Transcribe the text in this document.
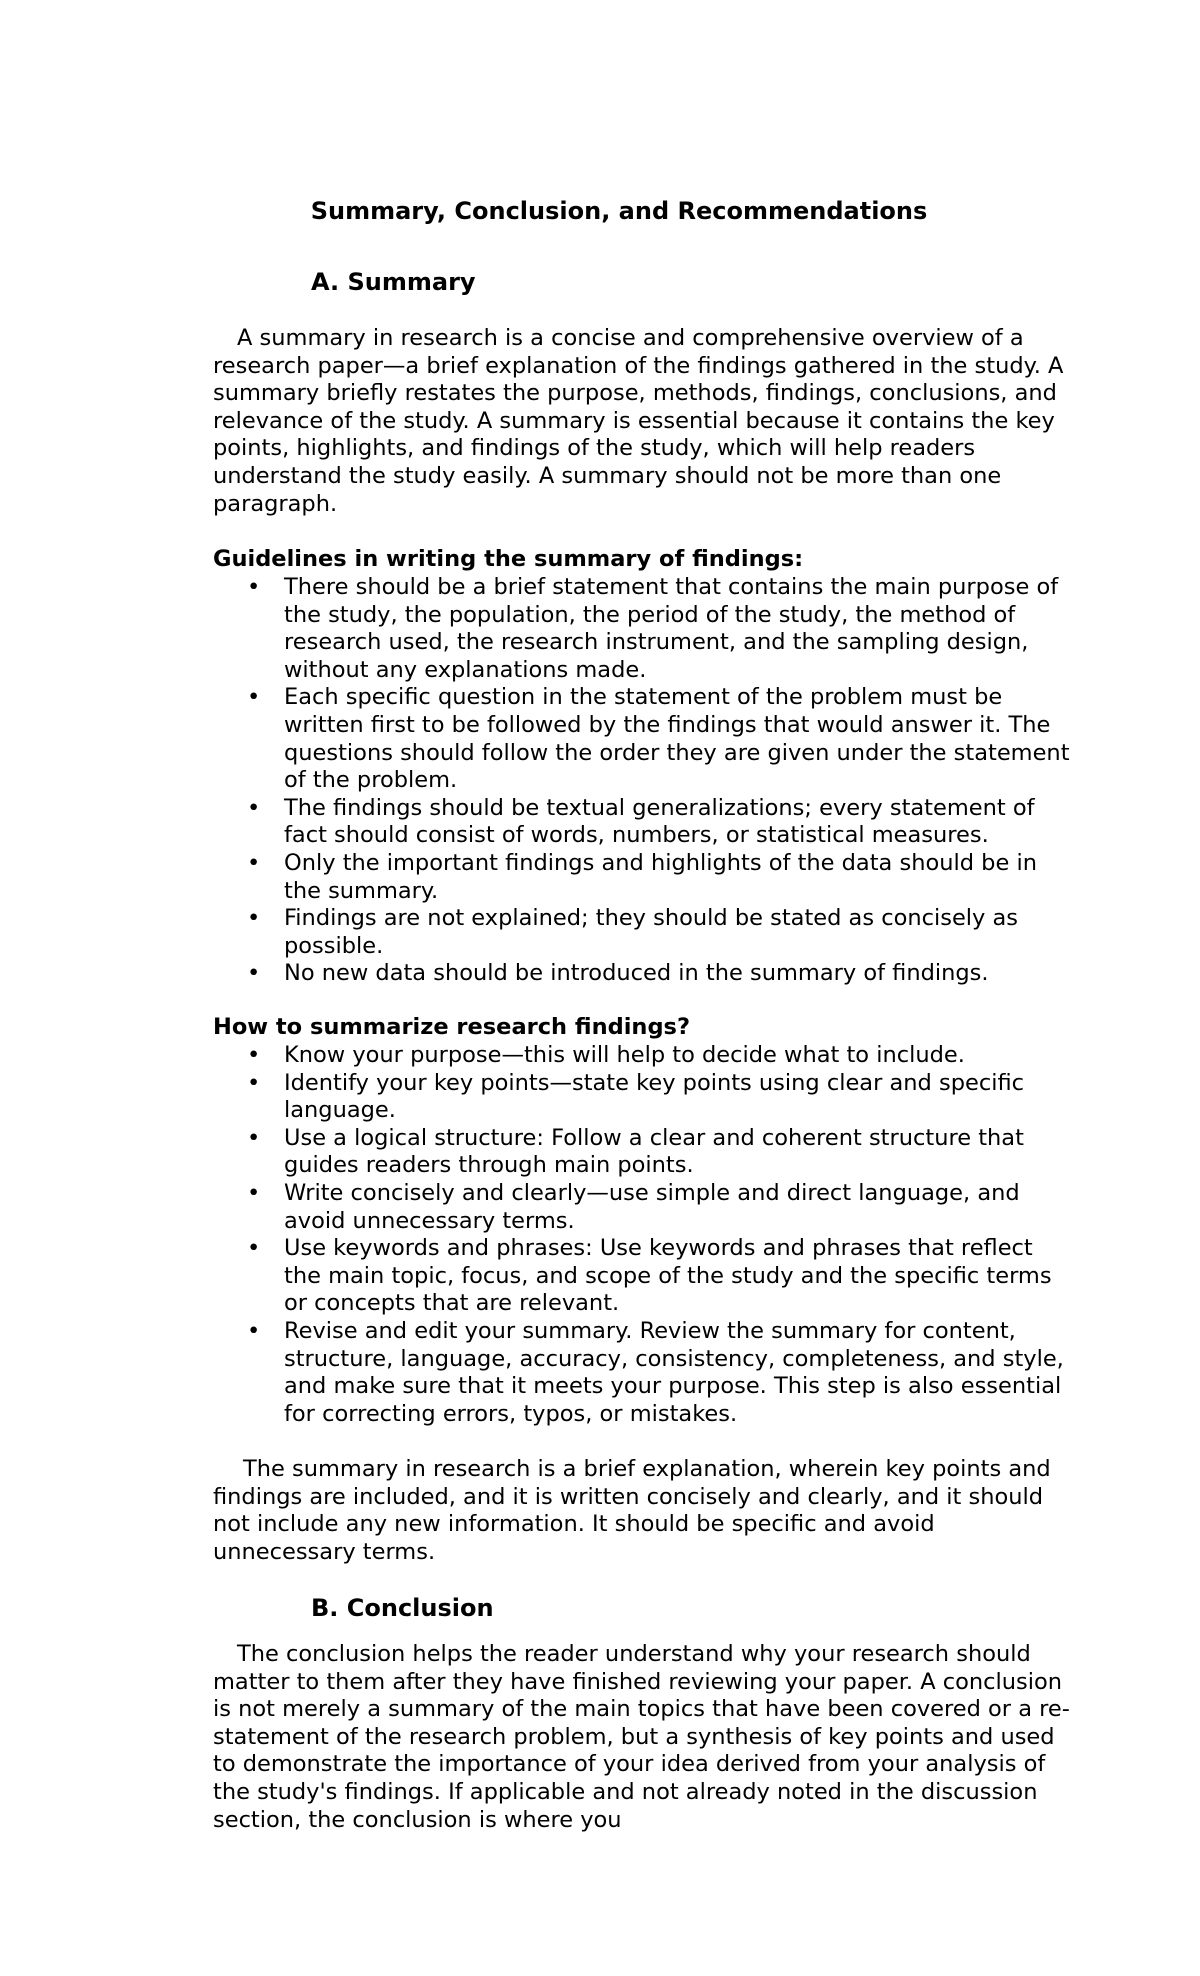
Summary, Conclusion, and Recommendations
A. Summary

A summary in research is a concise and comprehensive overview of a research paper—a brief explanation of the findings gathered in the study. A summary briefly restates the purpose, methods, findings, conclusions, and relevance of the study. A summary is essential because it contains the key points, highlights, and findings of the study, which will help readers understand the study easily. A summary should not be more than one paragraph.

Guidelines in writing the summary of findings:
• There should be a brief statement that contains the main purpose of the study, the population, the period of the study, the method of research used, the research instrument, and the sampling design, without any explanations made.
• Each specific question in the statement of the problem must be written first to be followed by the findings that would answer it. The questions should follow the order they are given under the statement of the problem.
• The findings should be textual generalizations; every statement of fact should consist of words, numbers, or statistical measures.
• Only the important findings and highlights of the data should be in the summary.
• Findings are not explained; they should be stated as concisely as possible.
• No new data should be introduced in the summary of findings.
How to summarize research findings?
• Know your purpose—this will help to decide what to include.
• Identify your key points—state key points using clear and specific language.
• Use a logical structure: Follow a clear and coherent structure that guides readers through main points.
• Write concisely and clearly—use simple and direct language, and avoid unnecessary terms.
• Use keywords and phrases: Use keywords and phrases that reflect the main topic, focus, and scope of the study and the specific terms or concepts that are relevant.
• Revise and edit your summary. Review the summary for content, structure, language, accuracy, consistency, completeness, and style, and make sure that it meets your purpose. This step is also essential for correcting errors, typos, or mistakes.

The summary in research is a brief explanation, wherein key points and findings are included, and it is written concisely and clearly, and it should not include any new information. It should be specific and avoid unnecessary terms.

B. Conclusion

The conclusion helps the reader understand why your research should matter to them after they have finished reviewing your paper. A conclusion is not merely a summary of the main topics that have been covered or a re-statement of the research problem, but a synthesis of key points and used to demonstrate the importance of your idea derived from your analysis of the study's findings. If applicable and not already noted in the discussion section, the conclusion is where you
